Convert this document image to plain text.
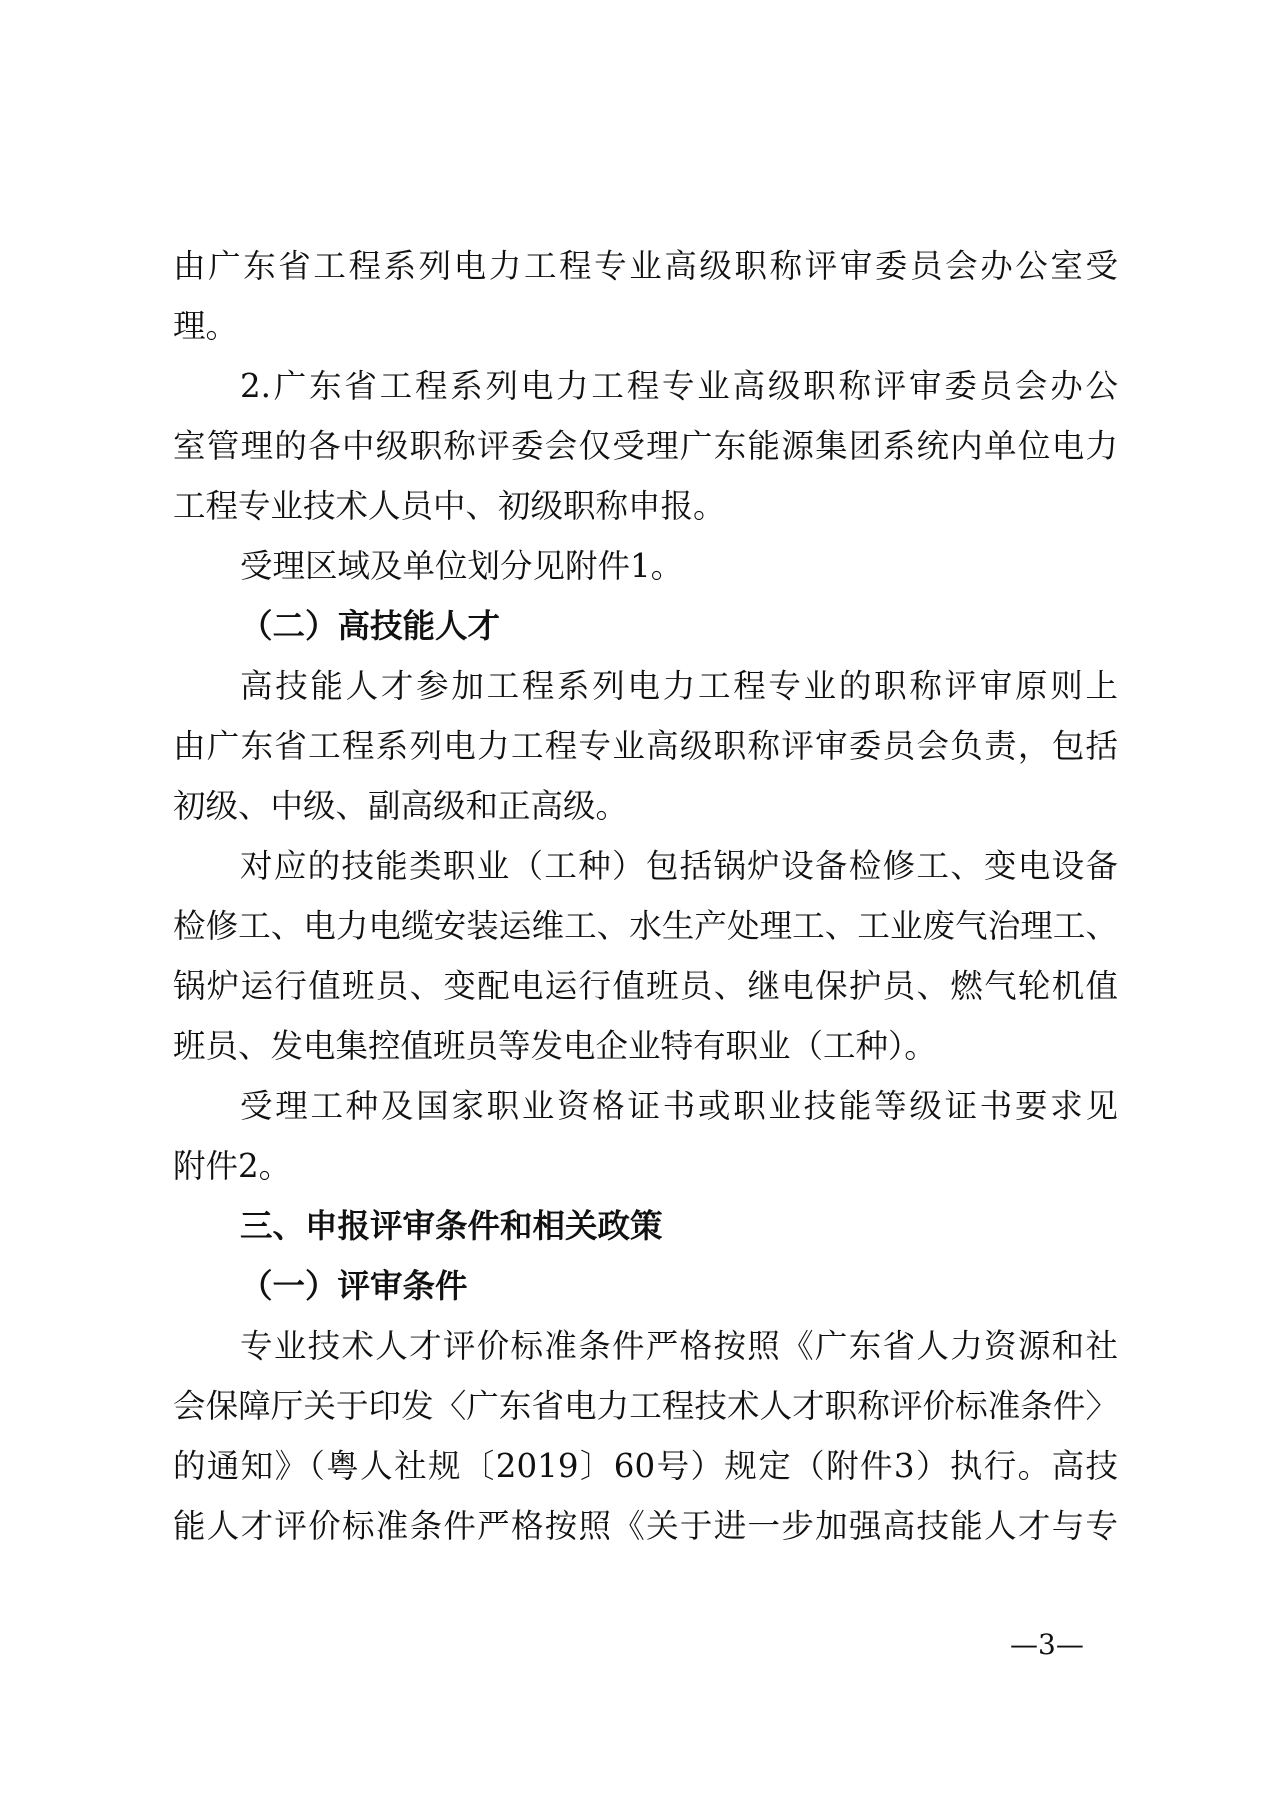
由广东省工程系列电力工程专业高级职称评审委员会办公室受
理。
2.广东省工程系列电力工程专业高级职称评审委员会办公
室管理的各中级职称评委会仅受理广东能源集团系统内单位电力
工程专业技术人员中、初级职称申报。
受理区域及单位划分见附件1。
（二）高技能人才
高技能人才参加工程系列电力工程专业的职称评审原则上
由广东省工程系列电力工程专业高级职称评审委员会负责，包括
初级、中级、副高级和正高级。
对应的技能类职业（工种）包括锅炉设备检修工、变电设备
检修工、电力电缆安装运维工、水生产处理工、工业废气治理工、
锅炉运行值班员、变配电运行值班员、继电保护员、燃气轮机值
班员、发电集控值班员等发电企业特有职业（工种）。
受理工种及国家职业资格证书或职业技能等级证书要求见
附件2。
三、申报评审条件和相关政策
（一）评审条件
专业技术人才评价标准条件严格按照《广东省人力资源和社
会保障厅关于印发〈广东省电力工程技术人才职称评价标准条件〉
的通知》（粤人社规〔2019〕60号）规定（附件3）执行。高技
能人才评价标准条件严格按照《关于进一步加强高技能人才与专
—3—
